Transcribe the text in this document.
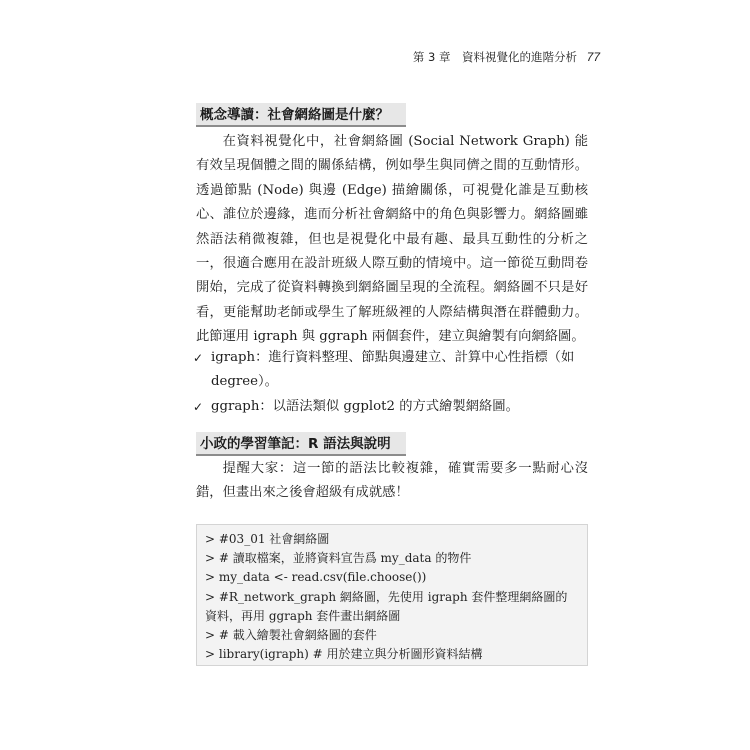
第 3 章　資料視覺化的進階分析 77
概念導讀：社會網絡圖是什麼？

在資料視覺化中，社會網絡圖 (Social Network Graph) 能有效呈現個體之間的關係結構，例如學生與同儕之間的互動情形。透過節點 (Node) 與邊 (Edge) 描繪關係，可視覺化誰是互動核心、誰位於邊緣，進而分析社會網絡中的角色與影響力。網絡圖雖然語法稍微複雜，但也是視覺化中最有趣、最具互動性的分析之一，很適合應用在設計班級人際互動的情境中。這一節從互動問卷開始，完成了從資料轉換到網絡圖呈現的全流程。網絡圖不只是好看，更能幫助老師或學生了解班級裡的人際結構與潛在群體動力。此節運用 igraph 與 ggraph 兩個套件，建立與繪製有向網絡圖。

✓ igraph：進行資料整理、節點與邊建立、計算中心性指標（如 degree）。
✓ ggraph：以語法類似 ggplot2 的方式繪製網絡圖。
小政的學習筆記：R 語法與說明

提醒大家：這一節的語法比較複雜，確實需要多一點耐心沒錯，但畫出來之後會超級有成就感！

> #03_01 社會網絡圖
> # 讀取檔案，並將資料宣告爲 my_data 的物件
> my_data <- read.csv(file.choose())
> #R_network_graph 網絡圖，先使用 igraph 套件整理網絡圖的資料，再用 ggraph 套件畫出網絡圖
> # 載入繪製社會網絡圖的套件
> library(igraph) # 用於建立與分析圖形資料結構
